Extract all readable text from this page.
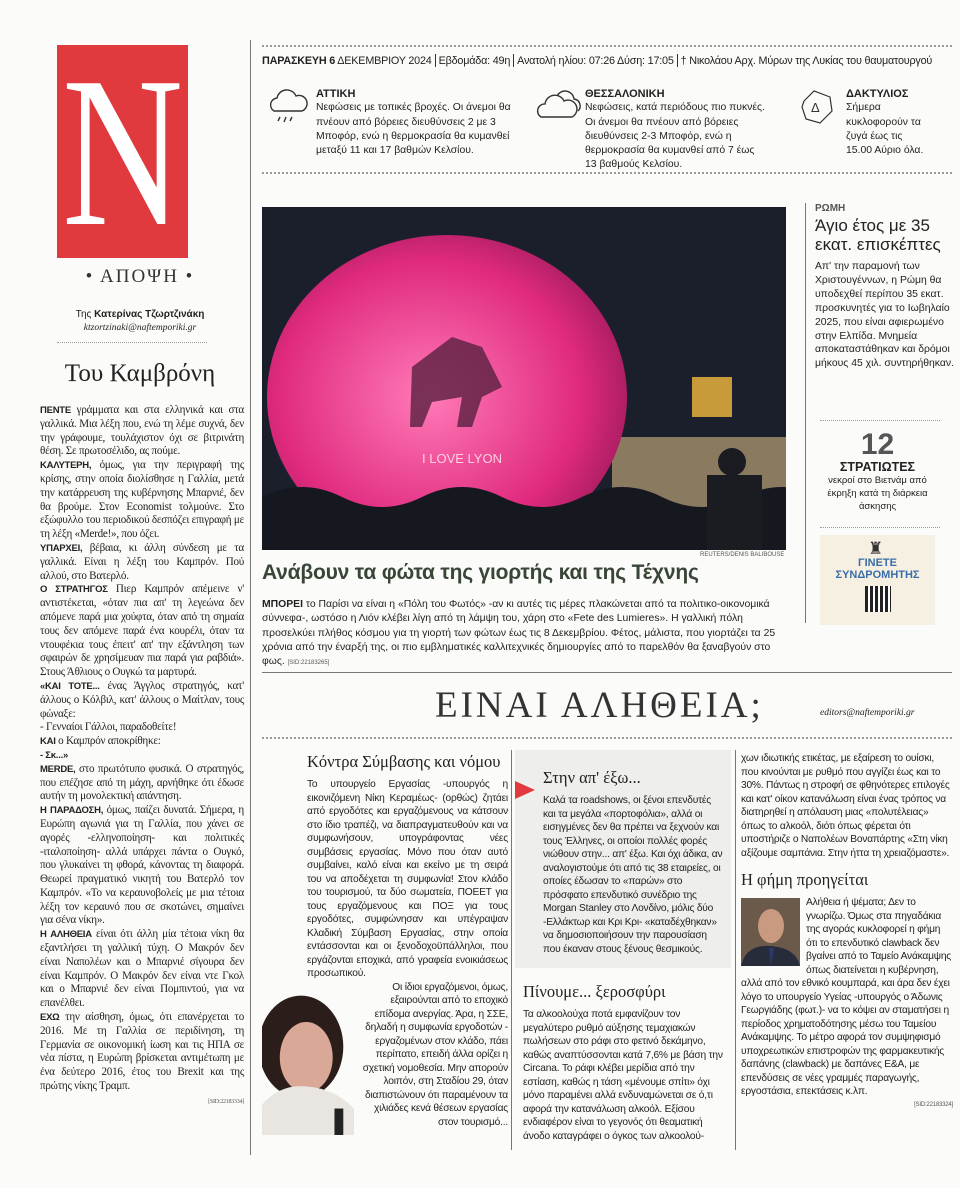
N
• ΑΠΟΨΗ •
Της Κατερίνας Τζωρτζινάκη
ktzortzinaki@naftemporiki.gr
Του Καμβρόνη

ΠΕΝΤΕ γράμματα και στα ελληνικά και στα γαλλικά. Μια λέξη που, ενώ τη λέμε συχνά, δεν την γράφουμε, τουλάχιστον όχι σε βιτρινάτη θέση. Σε πρωτοσέλιδο, ας πούμε.

ΚΑΛΥΤΕΡΗ, όμως, για την περιγραφή της κρίσης, στην οποία διολίσθησε η Γαλλία, μετά την κατάρρευση της κυβέρνησης Μπαρνιέ, δεν θα βρούμε. Στον Economist τολμούνε. Στο εξώφυλλο του περιοδικού δεσπόζει επιγραφή με τη λέξη «Merde!», που όζει.

ΥΠΑΡΧΕΙ, βέβαια, κι άλλη σύνδεση με τα γαλλικά. Είναι η λέξη του Καμπρόν. Πού αλλού, στο Βατερλό.

Ο ΣΤΡΑΤΗΓΟΣ Πιερ Καμπρόν απέμεινε ν' αντιστέκεται, «όταν πια απ' τη λεγεώνα δεν απόμενε παρά μια χούφτα, όταν από τη σημαία τους δεν απόμενε παρά ένα κουρέλι, όταν τα ντουφέκια τους έπειτ' απ' την εξάντληση των σφαιρών δε χρησίμευαν πια παρά για ραβδιά». Στους Άθλιους ο Ουγκώ τα μαρτυρά.

«ΚΑΙ ΤΟΤΕ... ένας Άγγλος στρατηγός, κατ' άλλους ο Κόλβιλ, κατ' άλλους ο Μαίτλαν, τους φώναξε:

- Γενναίοι Γάλλοι, παραδοθείτε!

ΚΑΙ ο Καμπρόν αποκρίθηκε:

- Σκ...»

MERDE, στο πρωτότυπο φυσικά. Ο στρατηγός, που επέζησε από τη μάχη, αρνήθηκε ότι έδωσε αυτήν τη μονολεκτική απάντηση.

Η ΠΑΡΑΔΟΣΗ, όμως, παίζει δυνατά. Σήμερα, η Ευρώπη αγωνιά για τη Γαλλία, που χάνει σε αγορές -ελληνοποίηση- και πολιτικές -ιταλοποίηση- αλλά υπάρχει πάντα ο Ουγκό, που γλυκαίνει τη φθορά, κάνοντας τη διαφορά. Θεωρεί πραγματικό νικητή του Βατερλό τον Καμπρόν. «Το να κεραυνοβολείς με μια τέτοια λέξη τον κεραυνό που σε σκοτώνει, σημαίνει για σένα νίκη».

Η ΑΛΗΘΕΙΑ είναι ότι άλλη μία τέτοια νίκη θα εξαντλήσει τη γαλλική τύχη. Ο Μακρόν δεν είναι Ναπολέων και ο Μπαρνιέ σίγουρα δεν είναι Καμπρόν. Ο Μακρόν δεν είναι ντε Γκολ και ο Μπαρνιέ δεν είναι Πομπιντού, για να επανέλθει.

ΕΧΩ την αίσθηση, όμως, ότι επανέρχεται το 2016. Με τη Γαλλία σε περιδίνηση, τη Γερμανία σε οικονομική ίωση και τις ΗΠΑ σε νέα πίστα, η Ευρώπη βρίσκεται αντιμέτωπη με ένα δεύτερο 2016, έτος του Brexit και της πρώτης νίκης Τραμπ.

[SID:22183334]

ΠΑΡΑΣΚΕΥΗ 6 ΔΕΚΕΜΒΡΙΟΥ 2024 Εβδομάδα: 49η Ανατολή ηλίου: 07:26 Δύση: 17:05 † Νικολάου Αρχ. Μύρων της Λυκίας του θαυματουργού
ΑΤΤΙΚΗ
Νεφώσεις με τοπικές βροχές. Οι άνεμοι θα πνέουν από βόρειες διευθύνσεις 2 με 3 Μποφόρ, ενώ η θερμοκρασία θα κυμανθεί μεταξύ 11 και 17 βαθμών Κελσίου.
ΘΕΣΣΑΛΟΝΙΚΗ
Νεφώσεις, κατά περιόδους πιο πυκνές. Οι άνεμοι θα πνέουν από βόρειες διευθύνσεις 2-3 Μποφόρ, ενώ η θερμοκρασία θα κυμανθεί από 7 έως 13 βαθμούς Κελσίου.
Δ
ΔΑΚΤΥΛΙΟΣ
Σήμερα κυκλοφορούν τα ζυγά έως τις 15.00 Αύριο όλα.
I LOVE LYON
REUTERS/DENIS BALIBOUSE
Ανάβουν τα φώτα της γιορτής και της Τέχνης
ΜΠΟΡΕΙ το Παρίσι να είναι η «Πόλη του Φωτός» -αν κι αυτές τις μέρες πλακώνεται από τα πολιτικο-οικονομικά σύννεφα-, ωστόσο η Λιόν κλέβει λίγη από τη λάμψη του, χάρη στο «Fete des Lumieres». Η γαλλική πόλη προσελκύει πλήθος κόσμου για τη γιορτή των φώτων έως τις 8 Δεκεμβρίου. Φέτος, μάλιστα, που γιορτάζει τα 25 χρόνια από την έναρξή της, οι πιο εμβληματικές καλλιτεχνικές δημιουργίες από το παρελθόν θα ξαναβγούν στο φως. [SID:22183265]
ΡΩΜΗ
Άγιο έτος με 35 εκατ. επισκέπτες
Απ' την παραμονή των Χριστουγέννων, η Ρώμη θα υποδεχθεί περίπου 35 εκατ. προσκυνητές για το Ιωβηλαίο 2025, που είναι αφιερωμένο στην Ελπίδα. Μνημεία αποκαταστάθηκαν και δρόμοι μήκους 45 χιλ. συντηρήθηκαν.
12
ΣΤΡΑΤΙΩΤΕΣ
νεκροί στο Βιετνάμ από έκρηξη κατά τη διάρκεια άσκησης
♜
ΓΙΝΕΤΕ ΣΥΝΔΡΟΜΗΤΗΣ
ΕΙΝΑΙ ΑΛΗΘΕΙΑ;	editors@naftemporiki.gr
Κόντρα Σύμβασης και νόμου
Το υπουργείο Εργασίας -υπουργός η εικονιζόμενη Νίκη Κεραμέως- (ορθώς) ζητάει από εργοδότες και εργαζόμενους να κάτσουν στο ίδιο τραπέζι, να διαπραγματευθούν και να συμφωνήσουν, υπογράφοντας νέες συμβάσεις εργασίας. Μόνο που όταν αυτό συμβαίνει, καλό είναι και εκείνο με τη σειρά του να αποδέχεται τη συμφωνία! Στον κλάδο του τουρισμού, τα δύο σωματεία, ΠΟΕΕΤ για τους εργαζόμενους και ΠΟΞ για τους εργοδότες, συμφώνησαν και υπέγραψαν Κλαδική Σύμβαση Εργασίας, στην οποία εντάσσονται και οι ξενοδοχοϋπάλληλοι, που εργάζονται εποχικά, από γραφεία ενοικιάσεως προσωπικού.
Οι ίδιοι εργαζόμενοι, όμως, εξαιρούνται από το εποχικό επίδομα ανεργίας. Άρα, η ΣΣΕ, δηλαδή η συμφωνία εργοδοτών - εργαζομένων στον κλάδο, πάει περίπατο, επειδή άλλα ορίζει η σχετική νομοθεσία. Μην απορούν λοιπόν, στη Σταδίου 29, όταν διαπιστώνουν ότι παραμένουν τα χιλιάδες κενά θέσεων εργασίας στον τουρισμό...
Στην απ' έξω...
Καλά τα roadshows, οι ξένοι επενδυτές και τα μεγάλα «πορτοφόλια», αλλά οι εισηγμένες δεν θα πρέπει να ξεχνούν και τους Έλληνες, οι οποίοι πολλές φορές νιώθουν στην... απ' έξω. Και όχι άδικα, αν αναλογιστούμε ότι από τις 38 εταιρείες, οι οποίες έδωσαν το «παρών» στο πρόσφατο επενδυτικό συνέδριο της Morgan Stanley στο Λονδίνο, μόλις δύο -Ελλάκτωρ και Κρι Κρι- «καταδέχθηκαν» να δημοσιοποιήσουν την παρουσίαση που έκαναν στους ξένους θεσμικούς.
Πίνουμε... ξεροσφύρι
Τα αλκοολούχα ποτά εμφανίζουν τον μεγαλύτερο ρυθμό αύξησης τεμαχιακών πωλήσεων στο ράφι στο φετινό δεκάμηνο, καθώς αναπτύσσονται κατά 7,6% με βάση την Circana. Το ράφι κλέβει μερίδια από την εστίαση, καθώς η τάση «μένουμε σπίτι» όχι μόνο παραμένει αλλά ενδυναμώνεται σε ό,τι αφορά την κατανάλωση αλκοόλ. Εξίσου ενδιαφέρον είναι το γεγονός ότι θεαματική άνοδο καταγράφει ο όγκος των αλκοολού-
χων ιδιωτικής ετικέτας, με εξαίρεση το ουίσκι, που κινούνται με ρυθμό που αγγίζει έως και το 30%. Πάντως η στροφή σε φθηνότερες επιλογές και κατ' οίκον κατανάλωση είναι ένας τρόπος να διατηρηθεί η απόλαυση μιας «πολυτέλειας» όπως το αλκοόλ, διότι όπως φέρεται ότι υποστήριζε ο Ναπολέων Βοναπάρτης «Στη νίκη αξίζουμε σαμπάνια. Στην ήττα τη χρειαζόμαστε».
Η φήμη προηγείται
Αλήθεια ή ψέματα; Δεν το γνωρίζω. Όμως στα πηγαδάκια της αγοράς κυκλοφορεί η φήμη ότι το επενδυτικό clawback δεν βγαίνει από το Ταμείο Ανάκαμψης όπως διατείνεται η κυβέρνηση, αλλά από τον εθνικό κουμπαρά, και άρα δεν έχει λόγο το υπουργείο Υγείας -υπουργός ο Άδωνις Γεωργιάδης (φωτ.)- να το κόψει αν σταματήσει η περίοδος χρηματοδότησης μέσω του Ταμείου Ανάκαμψης. Το μέτρο αφορά τον συμψηφισμό υποχρεωτικών επιστροφών της φαρμακευτικής δαπάνης (clawback) με δαπάνες Ε&Α, με επενδύσεις σε νέες γραμμές παραγωγής, εργοστάσια, επεκτάσεις κ.λπ.
[SID:22183324]
